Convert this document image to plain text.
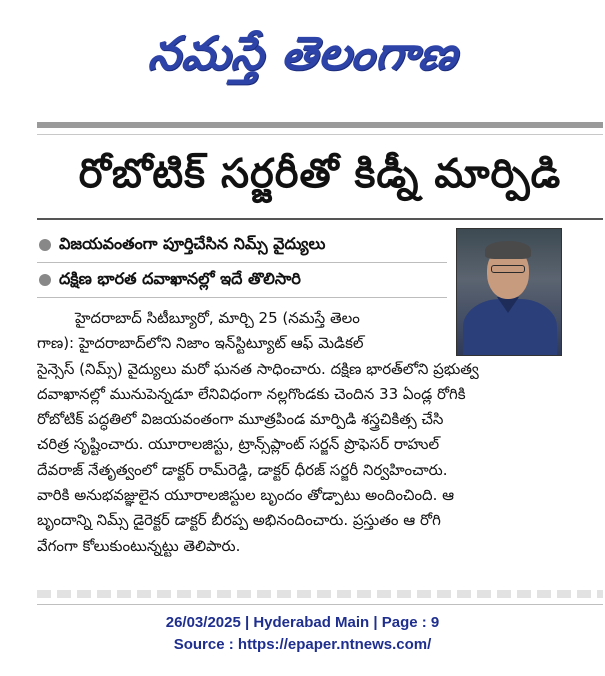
నమస్తే తెలంగాణ
రోబోటిక్ సర్జరీతో కిడ్నీ మార్పిడి
విజయవంతంగా పూర్తిచేసిన నిమ్స్ వైద్యులు
దక్షిణ భారత దవాఖానల్లో ఇదే తొలిసారి
హైదరాబాద్ సిటీబ్యూరో, మార్చి 25 (నమస్తే తెలం
గాణ): హైదరాబాద్‌లోని నిజాం ఇన్‌స్టిట్యూట్ ఆఫ్ మెడికల్
సైన్సెస్ (నిమ్స్) వైద్యులు మరో ఘనత సాధించారు. దక్షిణ భారత్‌లోని ప్రభుత్వ
దవాఖానల్లో మునుపెన్నడూ లేనివిధంగా నల్లగొండకు చెందిన 33 ఏండ్ల రోగికి
రోబోటిక్ పద్ధతిలో విజయవంతంగా మూత్రపిండ మార్పిడి శస్త్రచికిత్స చేసి
చరిత్ర సృష్టించారు. యూరాలజిస్టు, ట్రాన్స్‌ప్లాంట్ సర్జన్ ప్రొఫెసర్ రాహుల్
దేవరాజ్ నేతృత్వంలో డాక్టర్ రామ్‌రెడ్డి, డాక్టర్ ధీరజ్ సర్జరీ నిర్వహించారు.
వారికి అనుభవజ్ఞులైన యూరాలజిస్టుల బృందం తోడ్పాటు అందించింది. ఆ
బృందాన్ని నిమ్స్ డైరెక్టర్ డాక్టర్ బీరప్ప అభినందించారు. ప్రస్తుతం ఆ రోగి
వేగంగా కోలుకుంటున్నట్టు తెలిపారు.
26/03/2025 | Hyderabad Main | Page : 9
Source : https://epaper.ntnews.com/
